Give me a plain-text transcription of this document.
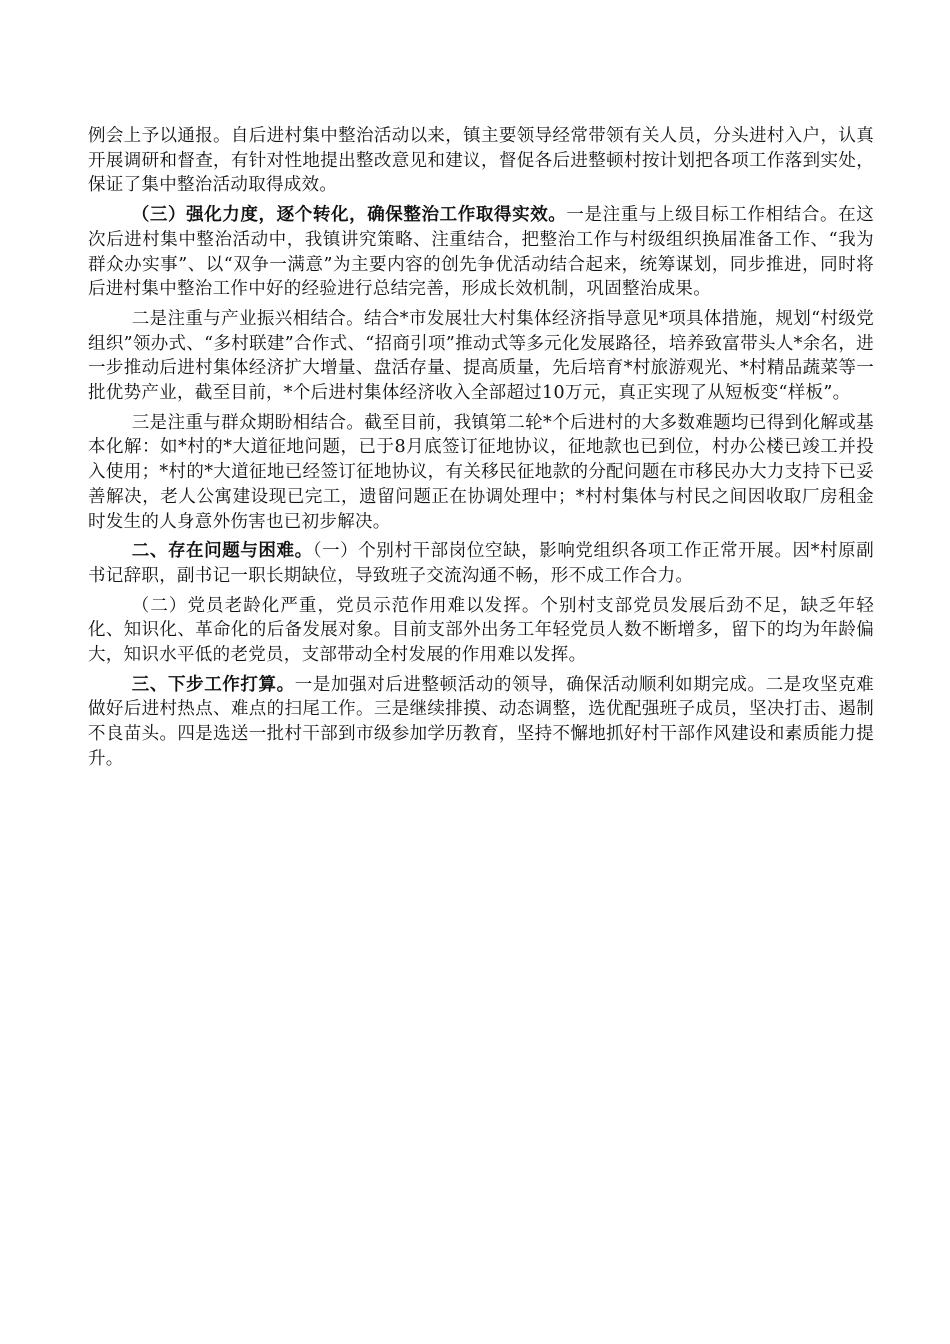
例会上予以通报。自后进村集中整治活动以来，镇主要领导经常带领有关人员，分头进村入户，认真开展调研和督查，有针对性地提出整改意见和建议，督促各后进整顿村按计划把各项工作落到实处，保证了集中整治活动取得成效。

（三）强化力度，逐个转化，确保整治工作取得实效。一是注重与上级目标工作相结合。在这次后进村集中整治活动中，我镇讲究策略、注重结合，把整治工作与村级组织换届准备工作、“我为群众办实事”、以“双争一满意”为主要内容的创先争优活动结合起来，统筹谋划，同步推进，同时将后进村集中整治工作中好的经验进行总结完善，形成长效机制，巩固整治成果。

二是注重与产业振兴相结合。结合*市发展壮大村集体经济指导意见*项具体措施，规划“村级党组织”领办式、“多村联建”合作式、“招商引项”推动式等多元化发展路径，培养致富带头人*余名，进一步推动后进村集体经济扩大增量、盘活存量、提高质量，先后培育*村旅游观光、*村精品蔬菜等一批优势产业，截至目前，*个后进村集体经济收入全部超过10万元，真正实现了从短板变“样板”。

三是注重与群众期盼相结合。截至目前，我镇第二轮*个后进村的大多数难题均已得到化解或基本化解：如*村的*大道征地问题，已于8月底签订征地协议，征地款也已到位，村办公楼已竣工并投入使用；*村的*大道征地已经签订征地协议，有关移民征地款的分配问题在市移民办大力支持下已妥善解决，老人公寓建设现已完工，遗留问题正在协调处理中；*村村集体与村民之间因收取厂房租金时发生的人身意外伤害也已初步解决。

二、存在问题与困难。（一）个别村干部岗位空缺，影响党组织各项工作正常开展。因*村原副书记辞职，副书记一职长期缺位，导致班子交流沟通不畅，形不成工作合力。

（二）党员老龄化严重，党员示范作用难以发挥。个别村支部党员发展后劲不足，缺乏年轻化、知识化、革命化的后备发展对象。目前支部外出务工年轻党员人数不断增多，留下的均为年龄偏大，知识水平低的老党员，支部带动全村发展的作用难以发挥。

三、下步工作打算。一是加强对后进整顿活动的领导，确保活动顺利如期完成。二是攻坚克难做好后进村热点、难点的扫尾工作。三是继续排摸、动态调整，选优配强班子成员，坚决打击、遏制不良苗头。四是选送一批村干部到市级参加学历教育，坚持不懈地抓好村干部作风建设和素质能力提升。
